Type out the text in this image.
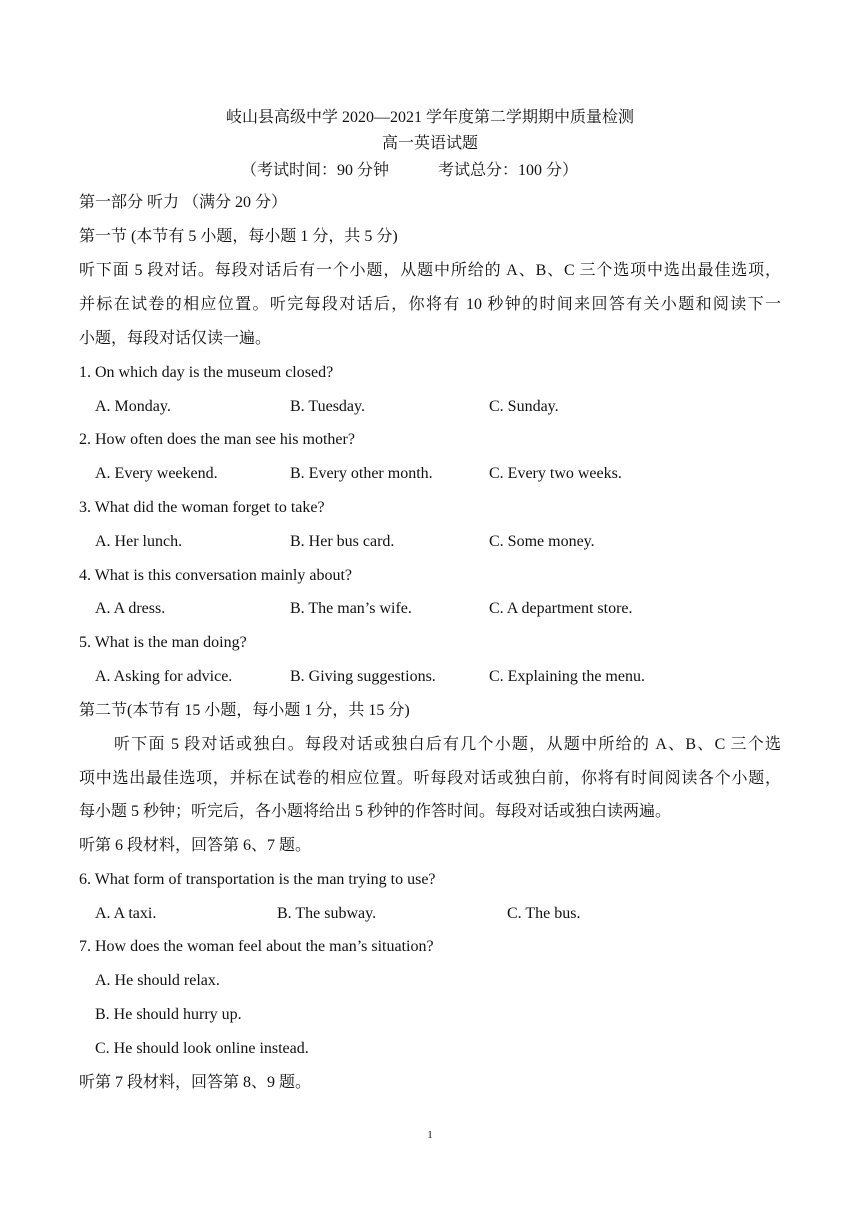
岐山县高级中学 2020—2021 学年度第二学期期中质量检测
高一英语试题
（考试时间：90 分钟	考试总分：100 分）
第一部分 听力 （满分 20 分）
第一节 (本节有 5 小题，每小题 1 分，共 5 分)
听下面 5 段对话。每段对话后有一个小题，从题中所给的 A、B、C 三个选项中选出最佳选项，
并标在试卷的相应位置。听完每段对话后，你将有 10 秒钟的时间来回答有关小题和阅读下一
小题，每段对话仅读一遍。
1. On which day is the museum closed?
A. Monday.	B. Tuesday.	C. Sunday.
2. How often does the man see his mother?
A. Every weekend.	B. Every other month.	C. Every two weeks.
3. What did the woman forget to take?
A. Her lunch.	B. Her bus card.	C. Some money.
4. What is this conversation mainly about?
A. A dress.	B. The man’s wife.	C. A department store.
5. What is the man doing?
A. Asking for advice.	B. Giving suggestions.	C. Explaining the menu.
第二节(本节有 15 小题，每小题 1 分，共 15 分)
听下面 5 段对话或独白。每段对话或独白后有几个小题，从题中所给的 A、B、C 三个选
项中选出最佳选项，并标在试卷的相应位置。听每段对话或独白前，你将有时间阅读各个小题，
每小题 5 秒钟；听完后，各小题将给出 5 秒钟的作答时间。每段对话或独白读两遍。
听第 6 段材料，回答第 6、7 题。
6. What form of transportation is the man trying to use?
A. A taxi.	B. The subway.	C. The bus.
7. How does the woman feel about the man’s situation?
A. He should relax.
B. He should hurry up.
C. He should look online instead.
听第 7 段材料，回答第 8、9 题。
1
